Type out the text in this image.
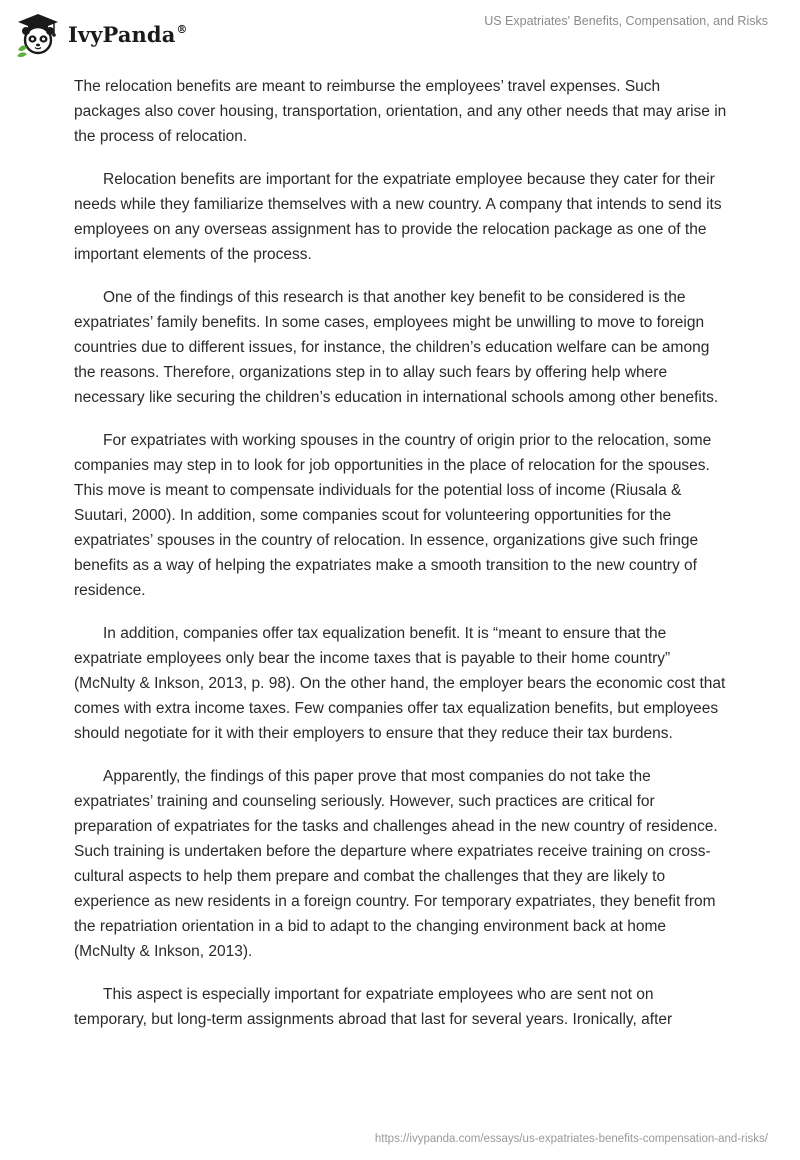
IvyPanda®
US Expatriates' Benefits, Compensation, and Risks

The relocation benefits are meant to reimburse the employees’ travel expenses. Such packages also cover housing, transportation, orientation, and any other needs that may arise in the process of relocation.

Relocation benefits are important for the expatriate employee because they cater for their needs while they familiarize themselves with a new country. A company that intends to send its employees on any overseas assignment has to provide the relocation package as one of the important elements of the process.

One of the findings of this research is that another key benefit to be considered is the expatriates’ family benefits. In some cases, employees might be unwilling to move to foreign countries due to different issues, for instance, the children’s education welfare can be among the reasons. Therefore, organizations step in to allay such fears by offering help where necessary like securing the children’s education in international schools among other benefits.

For expatriates with working spouses in the country of origin prior to the relocation, some companies may step in to look for job opportunities in the place of relocation for the spouses. This move is meant to compensate individuals for the potential loss of income (Riusala & Suutari, 2000). In addition, some companies scout for volunteering opportunities for the expatriates’ spouses in the country of relocation. In essence, organizations give such fringe benefits as a way of helping the expatriates make a smooth transition to the new country of residence.

In addition, companies offer tax equalization benefit. It is “meant to ensure that the expatriate employees only bear the income taxes that is payable to their home country” (McNulty & Inkson, 2013, p. 98). On the other hand, the employer bears the economic cost that comes with extra income taxes. Few companies offer tax equalization benefits, but employees should negotiate for it with their employers to ensure that they reduce their tax burdens.

Apparently, the findings of this paper prove that most companies do not take the expatriates’ training and counseling seriously. However, such practices are critical for preparation of expatriates for the tasks and challenges ahead in the new country of residence. Such training is undertaken before the departure where expatriates receive training on cross-cultural aspects to help them prepare and combat the challenges that they are likely to experience as new residents in a foreign country. For temporary expatriates, they benefit from the repatriation orientation in a bid to adapt to the changing environment back at home (McNulty & Inkson, 2013).

This aspect is especially important for expatriate employees who are sent not on temporary, but long-term assignments abroad that last for several years. Ironically, after

https://ivypanda.com/essays/us-expatriates-benefits-compensation-and-risks/
